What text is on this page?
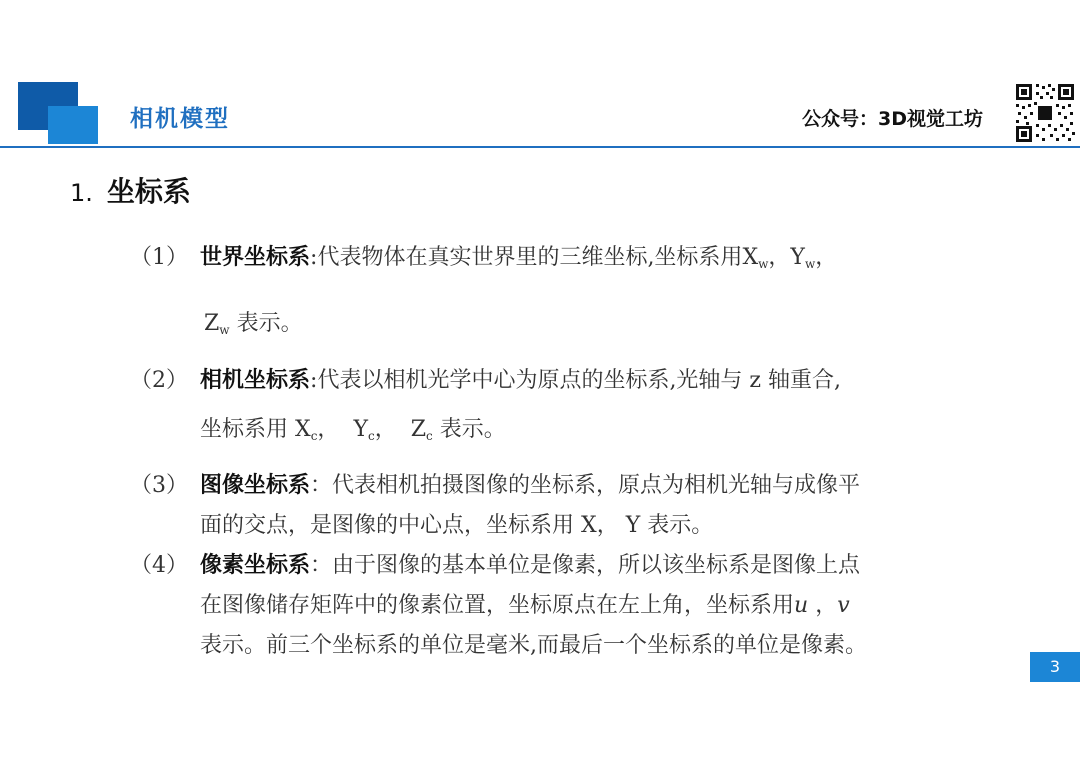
相机模型	公众号：3D视觉工坊
1. 坐标系
（1） 世界坐标系:代表物体在真实世界里的三维坐标,坐标系用$X_w$，$Y_w$，
$Z_w$ 表示。
（2） 相机坐标系:代表以相机光学中心为原点的坐标系,光轴与 z 轴重合,
坐标系用 $X_c$， $Y_c$， $Z_c$ 表示。
（3） 图像坐标系：代表相机拍摄图像的坐标系，原点为相机光轴与成像平
面的交点，是图像的中心点，坐标系用 X， Y 表示。
（4） 像素坐标系：由于图像的基本单位是像素，所以该坐标系是图像上点
在图像储存矩阵中的像素位置，坐标原点在左上角，坐标系用u ，v
表示。前三个坐标系的单位是毫米,而最后一个坐标系的单位是像素。
3
